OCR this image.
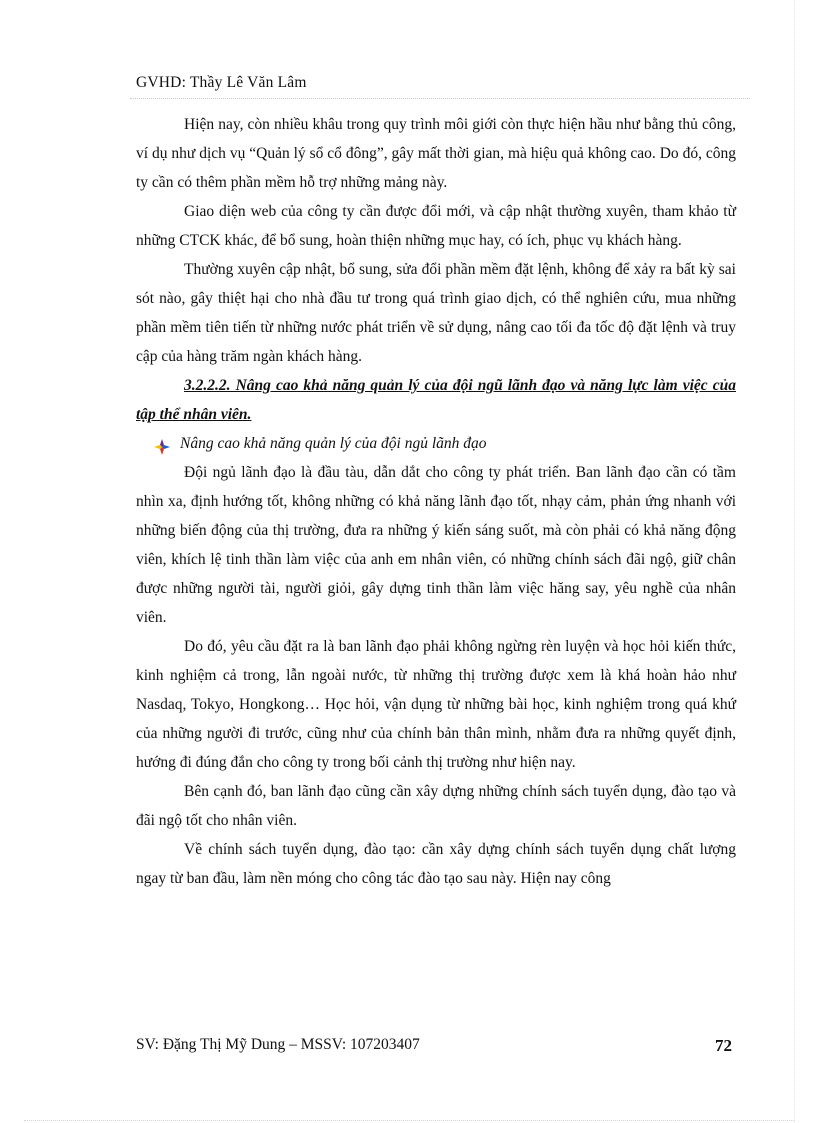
GVHD: Thầy Lê Văn Lâm

Hiện nay, còn nhiều khâu trong quy trình môi giới còn thực hiện hầu như bằng thủ công, ví dụ như dịch vụ “Quản lý sổ cổ đông”, gây mất thời gian, mà hiệu quả không cao. Do đó, công ty cần có thêm phần mềm hỗ trợ những mảng này.

Giao diện web của công ty cần được đổi mới, và cập nhật thường xuyên, tham khảo từ những CTCK khác, để bổ sung, hoàn thiện những mục hay, có ích, phục vụ khách hàng.

Thường xuyên cập nhật, bổ sung, sửa đổi phần mềm đặt lệnh, không để xảy ra bất kỳ sai sót nào, gây thiệt hại cho nhà đầu tư trong quá trình giao dịch, có thể nghiên cứu, mua những phần mềm tiên tiến từ những nước phát triển về sử dụng, nâng cao tối đa tốc độ đặt lệnh và truy cập của hàng trăm ngàn khách hàng.

3.2.2.2. Nâng cao khả năng quản lý của đội ngũ lãnh đạo và năng lực làm việc của tập thể nhân viên.

Nâng cao khả năng quản lý của đội ngủ lãnh đạo

Đội ngủ lãnh đạo là đầu tàu, dẫn dắt cho công ty phát triển. Ban lãnh đạo cần có tầm nhìn xa, định hướng tốt, không những có khả năng lãnh đạo tốt, nhạy cảm, phản ứng nhanh với những biến động của thị trường, đưa ra những ý kiến sáng suốt, mà còn phải có khả năng động viên, khích lệ tinh thần làm việc của anh em nhân viên, có những chính sách đãi ngộ, giữ chân được những người tài, người giỏi, gây dựng tinh thần làm việc hăng say, yêu nghề của nhân viên.

Do đó, yêu cầu đặt ra là ban lãnh đạo phải không ngừng rèn luyện và học hỏi kiến thức, kinh nghiệm cả trong, lẫn ngoài nước, từ những thị trường được xem là khá hoàn hảo như Nasdaq, Tokyo, Hongkong… Học hỏi, vận dụng từ những bài học, kinh nghiệm trong quá khứ của những người đi trước, cũng như của chính bản thân mình, nhằm đưa ra những quyết định, hướng đi đúng đắn cho công ty trong bối cảnh thị trường như hiện nay.

Bên cạnh đó, ban lãnh đạo cũng cần xây dựng những chính sách tuyển dụng, đào tạo và đãi ngộ tốt cho nhân viên.

Về chính sách tuyển dụng, đào tạo: cần xây dựng chính sách tuyển dụng chất lượng ngay từ ban đầu, làm nền móng cho công tác đào tạo sau này. Hiện nay công

SV: Đặng Thị Mỹ Dung – MSSV: 107203407	72
